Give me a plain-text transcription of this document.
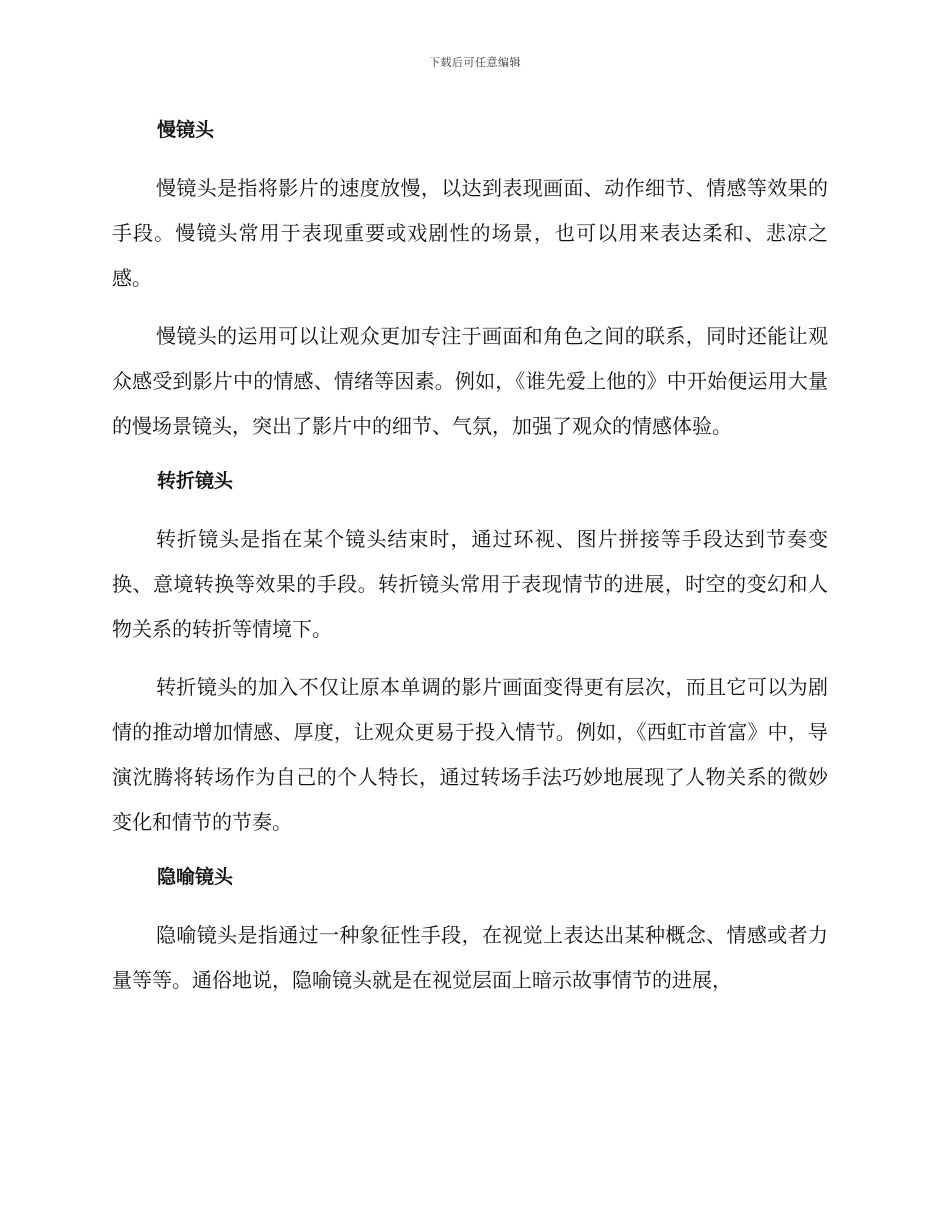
下载后可任意编辑
慢镜头

慢镜头是指将影片的速度放慢，以达到表现画面、动作细节、情感等效果的手段。慢镜头常用于表现重要或戏剧性的场景，也可以用来表达柔和、悲凉之感。

慢镜头的运用可以让观众更加专注于画面和角色之间的联系，同时还能让观众感受到影片中的情感、情绪等因素。例如，《谁先爱上他的》中开始便运用大量的慢场景镜头，突出了影片中的细节、气氛，加强了观众的情感体验。

转折镜头

转折镜头是指在某个镜头结束时，通过环视、图片拼接等手段达到节奏变换、意境转换等效果的手段。转折镜头常用于表现情节的进展，时空的变幻和人物关系的转折等情境下。

转折镜头的加入不仅让原本单调的影片画面变得更有层次，而且它可以为剧情的推动增加情感、厚度，让观众更易于投入情节。例如，《西虹市首富》中，导演沈腾将转场作为自己的个人特长，通过转场手法巧妙地展现了人物关系的微妙变化和情节的节奏。

隐喻镜头

隐喻镜头是指通过一种象征性手段，在视觉上表达出某种概念、情感或者力量等等。通俗地说，隐喻镜头就是在视觉层面上暗示故事情节的进展，
